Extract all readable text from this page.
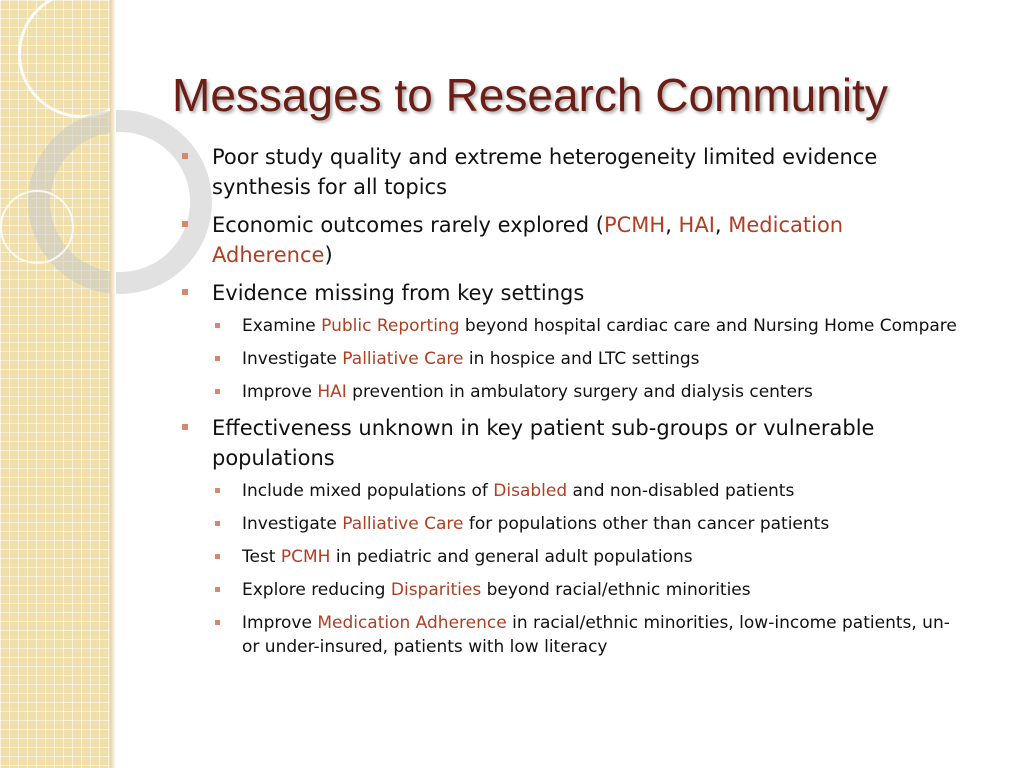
Messages to Research Community
Poor study quality and extreme heterogeneity limited evidence synthesis for all topics
Economic outcomes rarely explored (PCMH, HAI, Medication Adherence)
Evidence missing from key settings
Examine Public Reporting beyond hospital cardiac care and Nursing Home Compare
Investigate Palliative Care in hospice and LTC settings
Improve HAI prevention in ambulatory surgery and dialysis centers
Effectiveness unknown in key patient sub-groups or vulnerable populations
Include mixed populations of Disabled and non-disabled patients
Investigate Palliative Care for populations other than cancer patients
Test PCMH in pediatric and general adult populations
Explore reducing Disparities beyond racial/ethnic minorities
Improve Medication Adherence in racial/ethnic minorities, low-income patients, un- or under-insured, patients with low literacy
